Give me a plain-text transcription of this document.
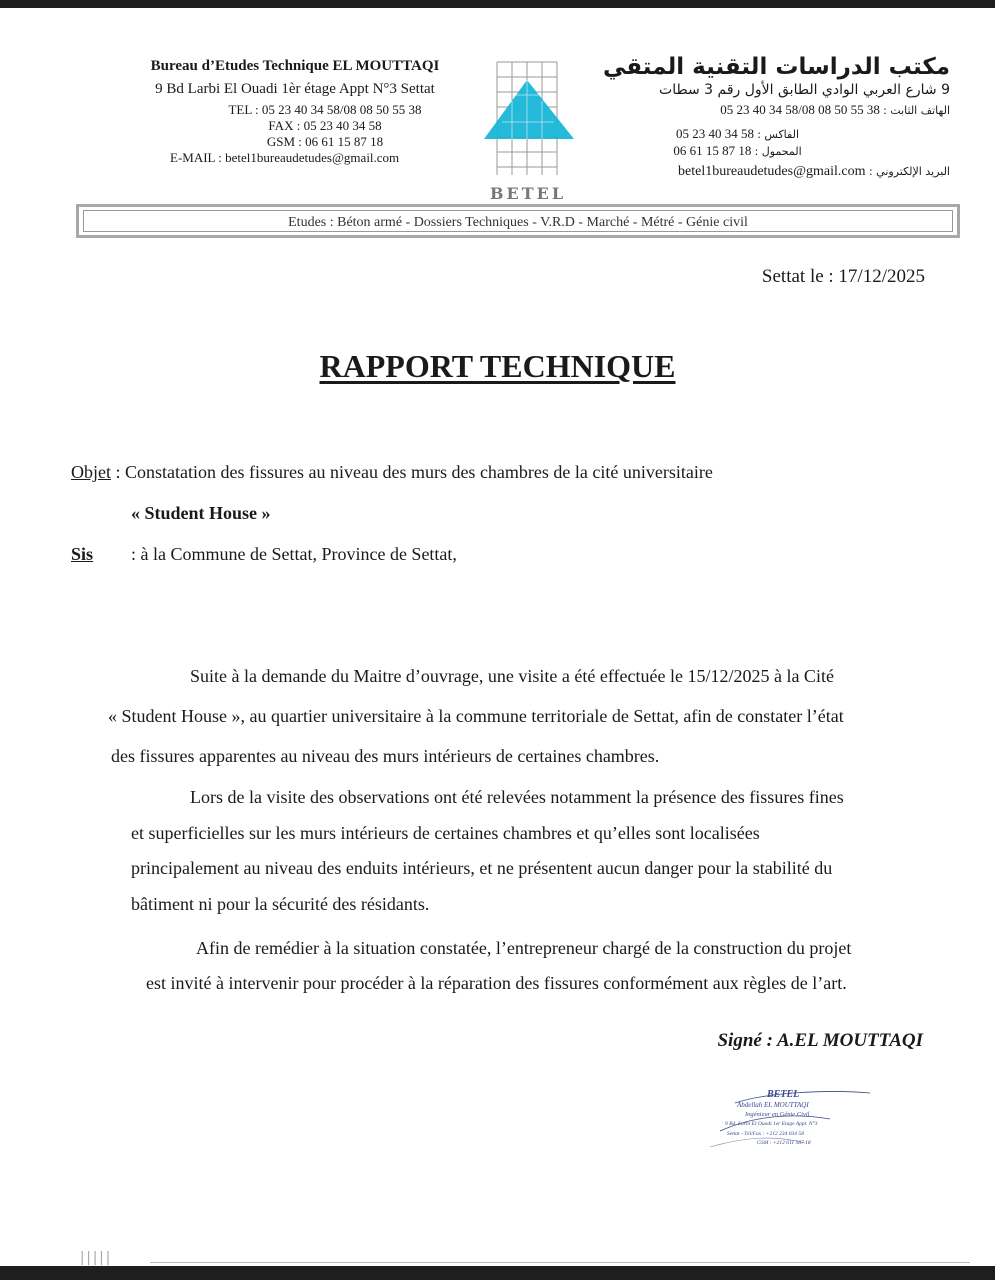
Bureau d’Etudes Technique EL MOUTTAQI
9 Bd Larbi El Ouadi 1èr étage Appt N°3 Settat
TEL : 05 23 40 34 58/08 08 50 55 38
FAX : 05 23 40 34 58
GSM : 06 61 15 87 18
E-MAIL : betel1bureaudetudes@gmail.com
BETEL
مكتب الدراسات التقنية المتقي
9 شارع العربي الوادي الطابق الأول رقم 3 سطات
الهاتف الثابت : 05 23 40 34 58/08 08 50 55 38
الفاكس : 05 23 40 34 58
المحمول : 06 61 15 87 18
البريد الإلكتروني : betel1bureaudetudes@gmail.com
Etudes : Béton armé - Dossiers Techniques - V.R.D - Marché - Métré - Génie civil
Settat le : 17/12/2025
RAPPORT TECHNIQUE
Objet : Constatation des fissures au niveau des murs des chambres de la cité universitaire
« Student House »
Sis : à la Commune de Settat, Province de Settat,
Suite à la demande du Maitre d’ouvrage, une visite a été effectuée le 15/12/2025 à la Cité
« Student House », au quartier universitaire à la commune territoriale de Settat, afin de constater l’état
des fissures apparentes au niveau des murs intérieurs de certaines chambres.
Lors de la visite des observations ont été relevées notamment la présence des fissures fines
et superficielles sur les murs intérieurs de certaines chambres et qu’elles sont localisées
principalement au niveau des enduits intérieurs, et ne présentent aucun danger pour la stabilité du
bâtiment ni pour la sécurité des résidants.
Afin de remédier à la situation constatée, l’entrepreneur chargé de la construction du projet
est invité à intervenir pour procéder à la réparation des fissures conformément aux règles de l’art.
Signé : A.EL MOUTTAQI
BETEL
Abdellah EL MOUTTAQI
Ingénieur en Génie Civil
9 Bd. Larbi El Ouadi 1er Etage Appt. N°3
Settat - Tél/Fax : +212 234 034 58
GSM : +212 611 587 18
|||||
